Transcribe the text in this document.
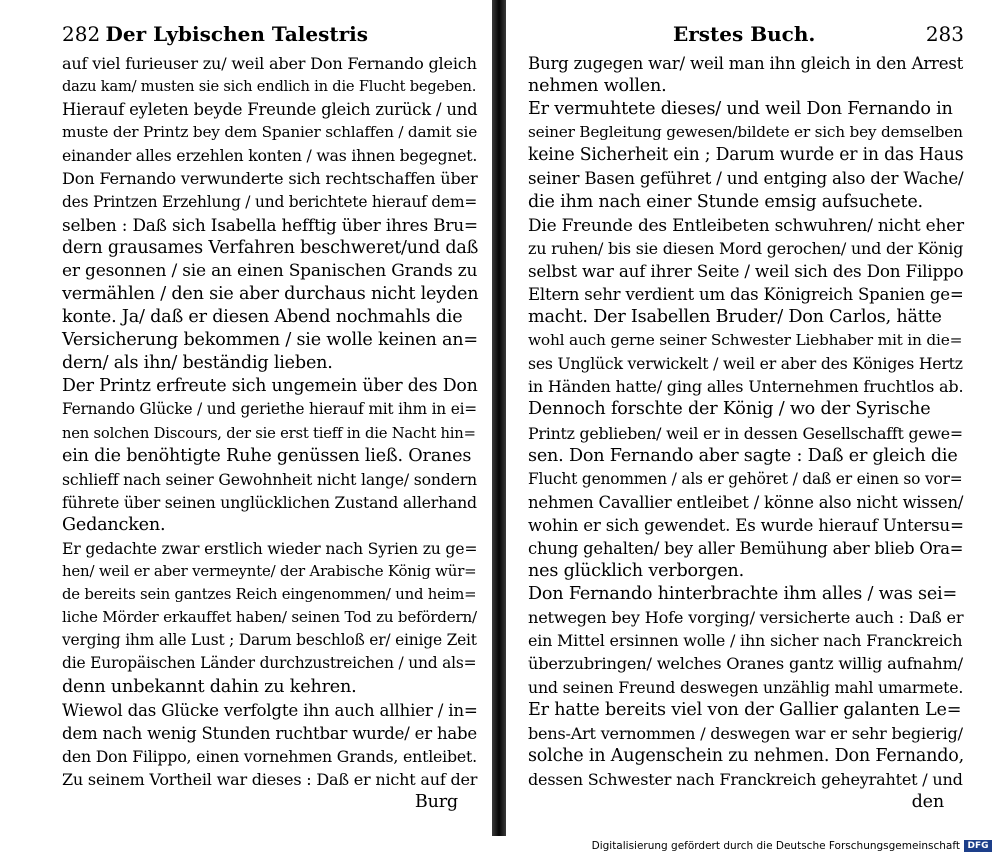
282 Der Lybischen Talestris
auf viel furieuser zu/ weil aber Don Fernando gleich
dazu kam/ musten sie sich endlich in die Flucht begeben.
Hierauf eyleten beyde Freunde gleich zurück / und
muste der Printz bey dem Spanier schlaffen / damit sie
einander alles erzehlen konten / was ihnen begegnet.
Don Fernando verwunderte sich rechtschaffen über
des Printzen Erzehlung / und berichtete hierauf dem=
selben : Daß sich Isabella hefftig über ihres Bru=
dern grausames Verfahren beschweret/und daß
er gesonnen / sie an einen Spanischen Grands zu
vermählen / den sie aber durchaus nicht leyden
konte. Ja/ daß er diesen Abend nochmahls die
Versicherung bekommen / sie wolle keinen an=
dern/ als ihn/ beständig lieben.
Der Printz erfreute sich ungemein über des Don
Fernando Glücke / und geriethe hierauf mit ihm in ei=
nen solchen Discours, der sie erst tieff in die Nacht hin=
ein die benöhtigte Ruhe genüssen ließ. Oranes
schlieff nach seiner Gewohnheit nicht lange/ sondern
führete über seinen unglücklichen Zustand allerhand
Gedancken.
Er gedachte zwar erstlich wieder nach Syrien zu ge=
hen/ weil er aber vermeynte/ der Arabische König wür=
de bereits sein gantzes Reich eingenommen/ und heim=
liche Mörder erkauffet haben/ seinen Tod zu befördern/
verging ihm alle Lust ; Darum beschloß er/ einige Zeit
die Europäischen Länder durchzustreichen / und als=
denn unbekannt dahin zu kehren.
Wiewol das Glücke verfolgte ihn auch allhier / in=
dem nach wenig Stunden ruchtbar wurde/ er habe
den Don Filippo, einen vornehmen Grands, entleibet.
Zu seinem Vortheil war dieses : Daß er nicht auf der
Burg
Erstes Buch.	283
Burg zugegen war/ weil man ihn gleich in den Arrest
nehmen wollen.
Er vermuhtete dieses/ und weil Don Fernando in
seiner Begleitung gewesen/bildete er sich bey demselben
keine Sicherheit ein ; Darum wurde er in das Haus
seiner Basen geführet / und entging also der Wache/
die ihm nach einer Stunde emsig aufsuchete.
Die Freunde des Entleibeten schwuhren/ nicht eher
zu ruhen/ bis sie diesen Mord gerochen/ und der König
selbst war auf ihrer Seite / weil sich des Don Filippo
Eltern sehr verdient um das Königreich Spanien ge=
macht. Der Isabellen Bruder/ Don Carlos, hätte
wohl auch gerne seiner Schwester Liebhaber mit in die=
ses Unglück verwickelt / weil er aber des Königes Hertz
in Händen hatte/ ging alles Unternehmen fruchtlos ab.
Dennoch forschte der König / wo der Syrische
Printz geblieben/ weil er in dessen Gesellschafft gewe=
sen. Don Fernando aber sagte : Daß er gleich die
Flucht genommen / als er gehöret / daß er einen so vor=
nehmen Cavallier entleibet / könne also nicht wissen/
wohin er sich gewendet. Es wurde hierauf Untersu=
chung gehalten/ bey aller Bemühung aber blieb Ora=
nes glücklich verborgen.
Don Fernando hinterbrachte ihm alles / was sei=
netwegen bey Hofe vorging/ versicherte auch : Daß er
ein Mittel ersinnen wolle / ihn sicher nach Franckreich
überzubringen/ welches Oranes gantz willig aufnahm/
und seinen Freund deswegen unzählig mahl umarmete.
Er hatte bereits viel von der Gallier galanten Le=
bens-Art vernommen / deswegen war er sehr begierig/
solche in Augenschein zu nehmen. Don Fernando,
dessen Schwester nach Franckreich geheyrahtet / und
den
Digitalisierung gefördert durch die Deutsche Forschungsgemeinschaft DFG
